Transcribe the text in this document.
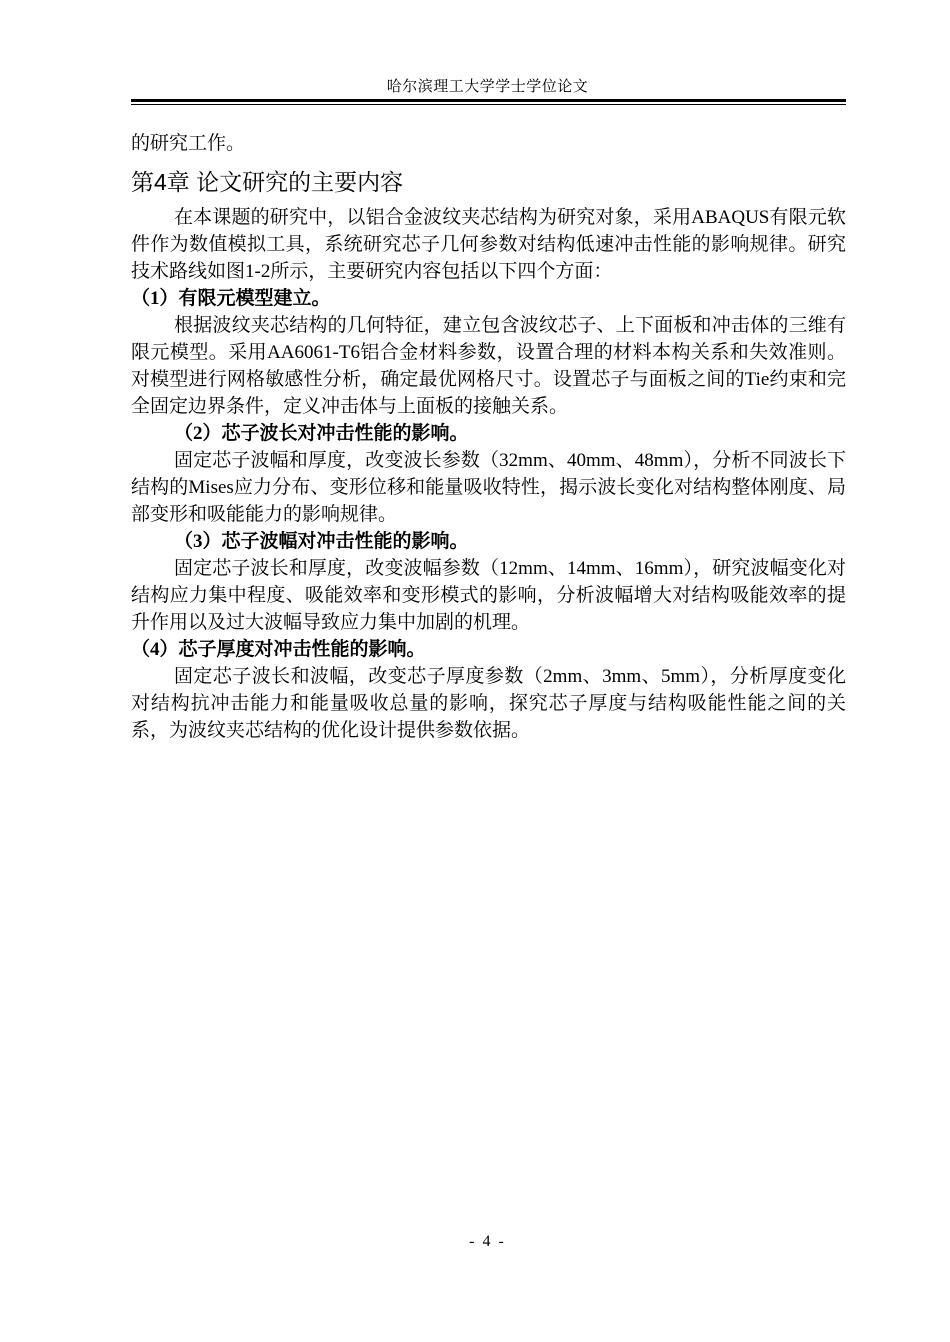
哈尔滨理工大学学士学位论文

的研究工作。

第4章 论文研究的主要内容

在本课题的研究中，以铝合金波纹夹芯结构为研究对象，采用ABAQUS有限元软件作为数值模拟工具，系统研究芯子几何参数对结构低速冲击性能的影响规律。研究技术路线如图1-2所示，主要研究内容包括以下四个方面：

（1）有限元模型建立。

根据波纹夹芯结构的几何特征，建立包含波纹芯子、上下面板和冲击体的三维有限元模型。采用AA6061-T6铝合金材料参数，设置合理的材料本构关系和失效准则。对模型进行网格敏感性分析，确定最优网格尺寸。设置芯子与面板之间的Tie约束和完全固定边界条件，定义冲击体与上面板的接触关系。

（2）芯子波长对冲击性能的影响。

固定芯子波幅和厚度，改变波长参数（32mm、40mm、48mm），分析不同波长下结构的Mises应力分布、变形位移和能量吸收特性，揭示波长变化对结构整体刚度、局部变形和吸能能力的影响规律。

（3）芯子波幅对冲击性能的影响。

固定芯子波长和厚度，改变波幅参数（12mm、14mm、16mm），研究波幅变化对结构应力集中程度、吸能效率和变形模式的影响，分析波幅增大对结构吸能效率的提升作用以及过大波幅导致应力集中加剧的机理。

（4）芯子厚度对冲击性能的影响。

固定芯子波长和波幅，改变芯子厚度参数（2mm、3mm、5mm），分析厚度变化对结构抗冲击能力和能量吸收总量的影响，探究芯子厚度与结构吸能性能之间的关系，为波纹夹芯结构的优化设计提供参数依据。

- 4 -
